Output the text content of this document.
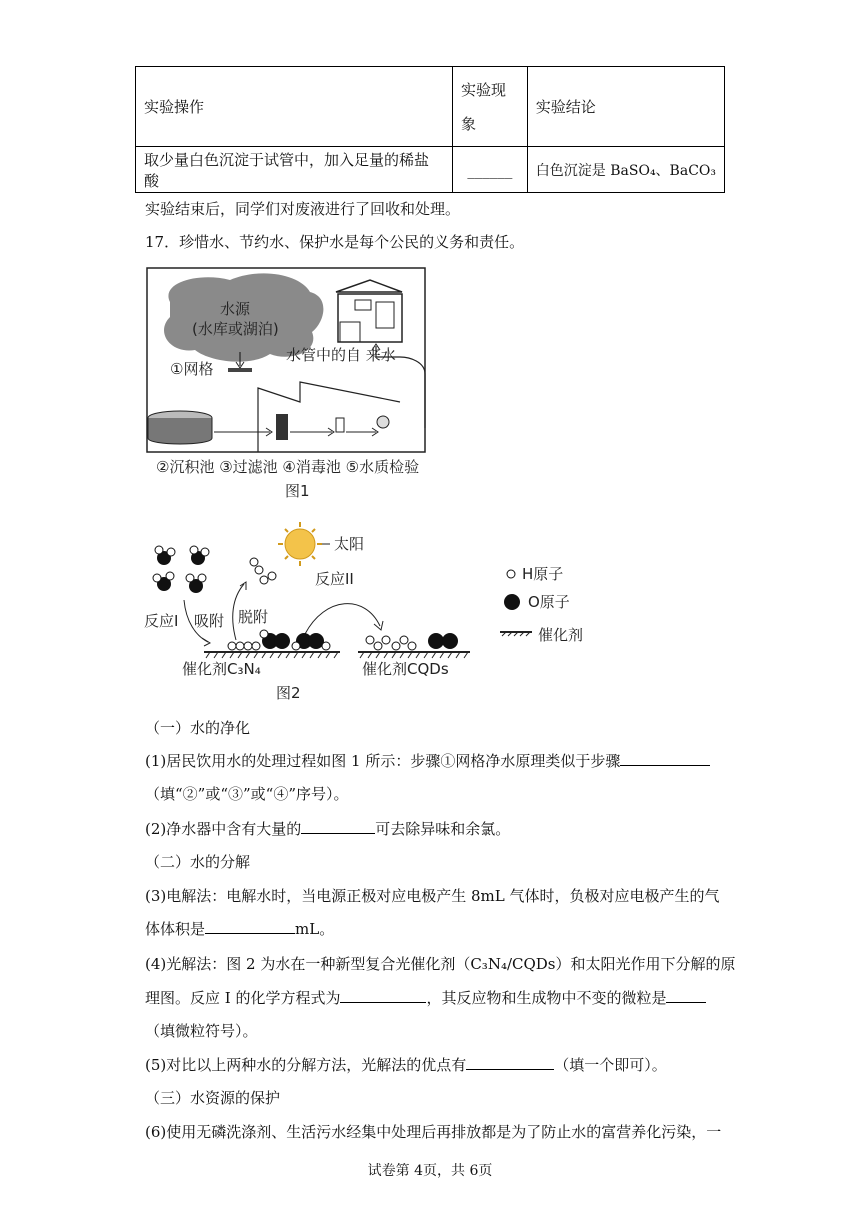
实验操作	实验现象	实验结论
取少量白色沉淀于试管中，加入足量的稀盐酸	______	白色沉淀是 BaSO₄、BaCO₃
实验结束后，同学们对废液进行了回收和处理。
17．珍惜水、节约水、保护水是每个公民的义务和责任。
水源
(水库或湖泊)
①网格
水管中的自 来水
②沉积池 ③过滤池 ④消毒池 ⑤水质检验
图1
太阳
反应I 吸附 脱附
反应II
催化剂C₃N₄	催化剂CQDs
图2
H原子
O原子
催化剂
（一）水的净化
(1)居民饮用水的处理过程如图 1 所示：步骤①网格净水原理类似于步骤
（填“②”或“③”或“④”序号）。
(2)净水器中含有大量的	可去除异味和余氯。
（二）水的分解
(3)电解法：电解水时，当电源正极对应电极产生 8mL 气体时，负极对应电极产生的气
体体积是	mL。
(4)光解法：图 2 为水在一种新型复合光催化剂（C₃N₄/CQDs）和太阳光作用下分解的原
理图。反应 I 的化学方程式为	，其反应物和生成物中不变的微粒是
（填微粒符号）。
(5)对比以上两种水的分解方法，光解法的优点有	（填一个即可）。
（三）水资源的保护
(6)使用无磷洗涤剂、生活污水经集中处理后再排放都是为了防止水的富营养化污染，一
试卷第 4页，共 6页
